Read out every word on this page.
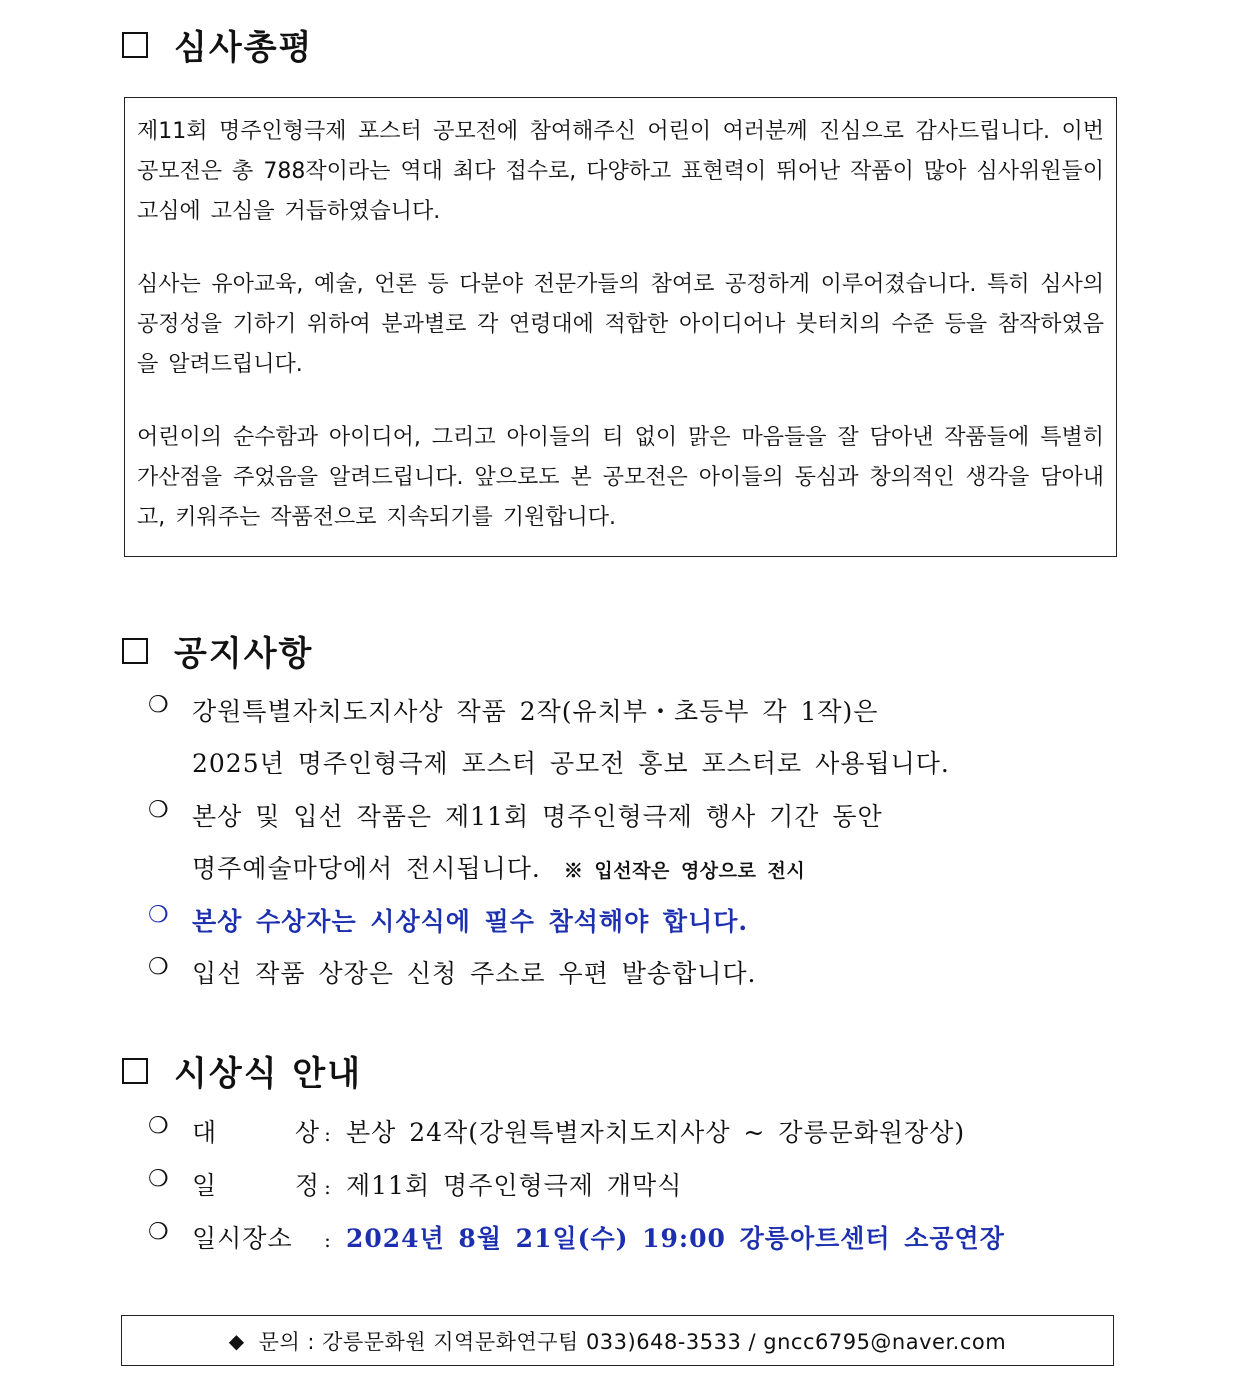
심사총평

제11회 명주인형극제 포스터 공모전에 참여해주신 어린이 여러분께 진심으로 감사드립니다. 이번 공모전은 총 788작이라는 역대 최다 접수로, 다양하고 표현력이 뛰어난 작품이 많아 심사위원들이 고심에 고심을 거듭하였습니다.

심사는 유아교육, 예술, 언론 등 다분야 전문가들의 참여로 공정하게 이루어졌습니다. 특히 심사의 공정성을 기하기 위하여 분과별로 각 연령대에 적합한 아이디어나 붓터치의 수준 등을 참작하였음을 알려드립니다.

어린이의 순수함과 아이디어, 그리고 아이들의 티 없이 맑은 마음들을 잘 담아낸 작품들에 특별히 가산점을 주었음을 알려드립니다. 앞으로도 본 공모전은 아이들의 동심과 창의적인 생각을 담아내고, 키워주는 작품전으로 지속되기를 기원합니다.

공지사항
❍ 강원특별자치도지사상 작품 2작(유치부・초등부 각 1작)은
2025년 명주인형극제 포스터 공모전 홍보 포스터로 사용됩니다.
❍ 본상 및 입선 작품은 제11회 명주인형극제 행사 기간 동안
명주예술마당에서 전시됩니다. ※ 입선작은 영상으로 전시
❍ 본상 수상자는 시상식에 필수 참석해야 합니다.
❍ 입선 작품 상장은 신청 주소로 우편 발송합니다.
시상식 안내
❍ 대      상 : 본상 24작(강원특별자치도지사상 ~ 강릉문화원장상)
❍ 일      정 : 제11회 명주인형극제 개막식
❍ 일시장소 : 2024년 8월 21일(수) 19:00 강릉아트센터 소공연장
◆ 문의 : 강릉문화원 지역문화연구팀 033)648-3533 / gncc6795@naver.com
